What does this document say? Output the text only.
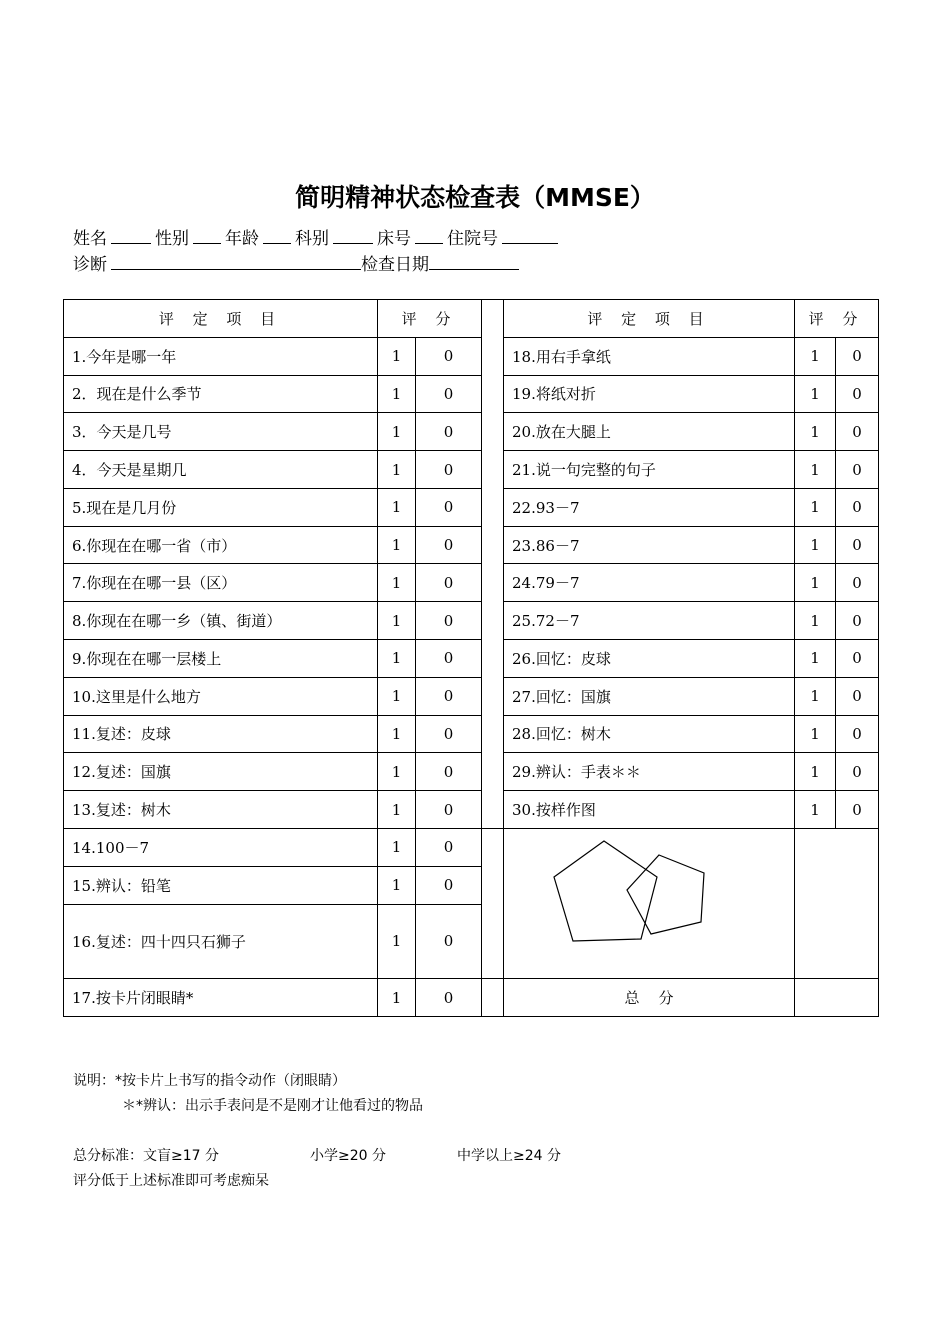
简明精神状态检查表（MMSE）
姓名	性别 年龄 科别	床号 住院号
诊断	检查日期
评 定 项 目	评 分			评 定 项 目	评 分	
1.今年是哪一年	1	0		18.用右手拿纸	1	0
2．现在是什么季节	1	0		19.将纸对折	1	0
3．今天是几号	1	0		20.放在大腿上	1	0
4．今天是星期几	1	0		21.说一句完整的句子	1	0
5.现在是几月份	1	0		22.93－7	1	0
6.你现在在哪一省（市）	1	0		23.86－7	1	0
7.你现在在哪一县（区）	1	0		24.79－7	1	0
8.你现在在哪一乡（镇、街道）	1	0		25.72－7	1	0
9.你现在在哪一层楼上	1	0		26.回忆：皮球	1	0
10.这里是什么地方	1	0		27.回忆：国旗	1	0
11.复述：皮球	1	0		28.回忆：树木	1	0
12.复述：国旗	1	0		29.辨认：手表＊＊	1	0
13.复述：树木	1	0		30.按样作图	1	0
14.100－7	1	0		

15.辨认：铅笔	1	0				
16.复述：四十四只石狮子	1	0				
17.按卡片闭眼睛*	1	0		总    分		
说明：*按卡片上书写的指令动作（闭眼睛）
＊*辨认：出示手表问是不是刚才让他看过的物品
总分标准：文盲≥17 分	小学≥20 分	中学以上≥24 分
评分低于上述标准即可考虑痴呆
